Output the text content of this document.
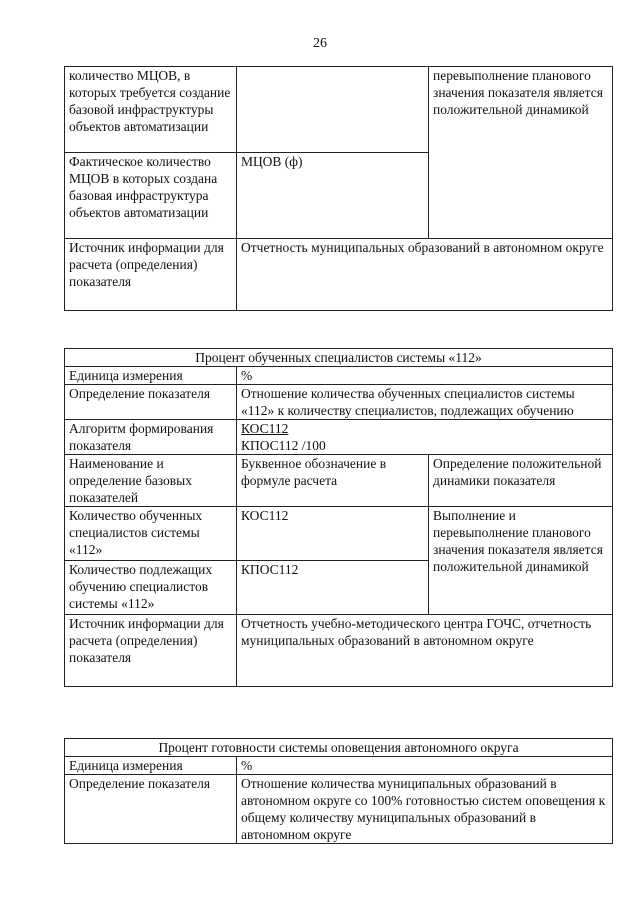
26
количество МЦОВ, в которых требуется создание базовой инфраструктуры объектов автоматизации		перевыполнение планового значения показателя является положительной динамикой
Фактическое количество МЦОВ в которых создана базовая инфраструктура объектов автоматизации	МЦОВ (ф)	
Источник информации для расчета (определения) показателя	Отчетность муниципальных образований в автономном округе	
Процент обученных специалистов системы «112»		
Единица измерения	%	
Определение показателя	Отношение количества обученных специалистов системы «112» к количеству специалистов, подлежащих обучению	
Алгоритм формирования показателя	КОС112
КПОС112 /100	

Наименование и определение базовых показателей	Буквенное обозначение в формуле расчета	Определение положительной динамики показателя
Количество обученных специалистов системы «112»	КОС112	Выполнение и перевыполнение планового значения показателя является положительной динамикой
Количество подлежащих обучению специалистов системы «112»	КПОС112	
Источник информации для расчета (определения) показателя	Отчетность учебно-методического центра ГОЧС, отчетность муниципальных образований в автономном округе	
Процент готовности системы оповещения автономного округа	
Единица измерения	%
Определение показателя	Отношение количества муниципальных образований в автономном округе со 100% готовностью систем оповещения к общему количеству муниципальных образований в автономном округе
